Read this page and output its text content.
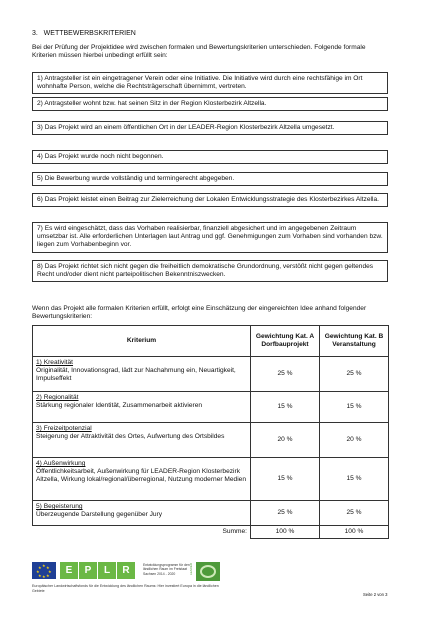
3.   WETTBEWERBSKRITERIEN
Bei der Prüfung der Projektidee wird zwischen formalen und Bewertungskriterien unterschieden. Folgende formale Kriterien müssen hierbei unbedingt erfüllt sein:
1) Antragsteller ist ein eingetragener Verein oder eine Initiative. Die Initiative wird durch eine rechtsfähige im Ort wohnhafte Person, welche die Rechtsträgerschaft übernimmt, vertreten.
2) Antragsteller wohnt bzw. hat seinen Sitz in der Region Klosterbezirk Altzella.
3) Das Projekt wird an einem öffentlichen Ort in der LEADER-Region Klosterbezirk Altzella umgesetzt.
4) Das Projekt wurde noch nicht begonnen.
5) Die Bewerbung wurde vollständig und termingerecht abgegeben.
6) Das Projekt leistet einen Beitrag zur Zielerreichung der Lokalen Entwicklungsstrategie des Klosterbezirkes Altzella.
7) Es wird eingeschätzt, dass das Vorhaben realisierbar, finanziell abgesichert und im angegebenen Zeitraum umsetzbar ist. Alle erforderlichen Unterlagen laut Antrag und ggf. Genehmigungen zum Vorhaben sind vorhanden bzw. liegen zum Vorhabenbeginn vor.
8) Das Projekt richtet sich nicht gegen die freiheitlich demokratische Grundordnung, verstößt nicht gegen geltendes Recht und/oder dient nicht parteipolitischen Bekenntniszwecken.
Wenn das Projekt alle formalen Kriterien erfüllt, erfolgt eine Einschätzung der eingereichten Idee anhand folgender Bewertungskriterien:
Kriterium	Gewichtung Kat. A Dorfbauprojekt	Gewichtung Kat. B Veranstaltung

1) Kreativität
Originalität, Innovationsgrad, lädt zur Nachahmung ein, Neuartigkeit, Impulseffekt	25 %	25 %

2) Regionalität
Stärkung regionaler Identität, Zusammenarbeit aktivieren	15 %	15 %

3) Freizeitpotenzial
Steigerung der Attraktivität des Ortes, Aufwertung des Ortsbildes	20 %	20 %

4) Außenwirkung
Öffentlichkeitsarbeit, Außenwirkung für LEADER-Region Klosterbezirk Altzella, Wirkung lokal/regional/überregional, Nutzung moderner Medien	15 %	15 %

5) Begeisterung
Überzeugende Darstellung gegenüber Jury	25 %	25 %
Summe:	100 %	100 %
★ ★
★
★
★
★
★
★	E	P	L	R	Entwicklungsprogramm für den ländlichen Raum im Freistaat Sachsen 2014 - 2020	LEADER
Europäischer Landwirtschaftsfonds für die Entwicklung des ländlichen Raums: Hier investiert Europa in die ländlichen Gebiete
Seite 2 von 3
